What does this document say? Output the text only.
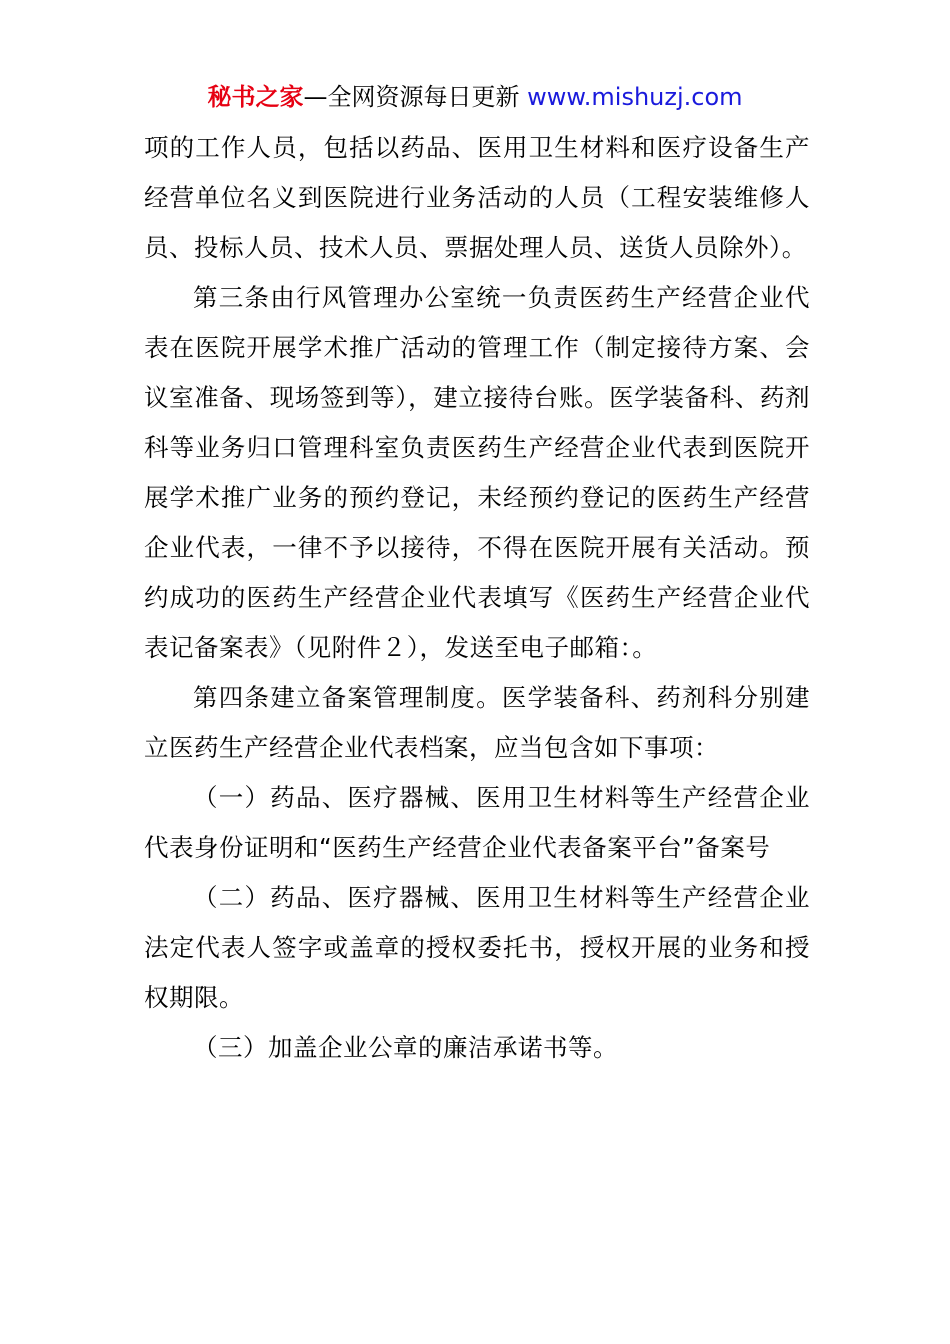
秘书之家—全网资源每日更新 www.mishuzj.com

项的工作人员，包括以药品、医用卫生材料和医疗设备生产经营单位名义到医院进行业务活动的人员（工程安装维修人员、投标人员、技术人员、票据处理人员、送货人员除外）。

第三条由行风管理办公室统一负责医药生产经营企业代表在医院开展学术推广活动的管理工作（制定接待方案、会议室准备、现场签到等），建立接待台账。医学装备科、药剂科等业务归口管理科室负责医药生产经营企业代表到医院开展学术推广业务的预约登记，未经预约登记的医药生产经营企业代表，一律不予以接待，不得在医院开展有关活动。预约成功的医药生产经营企业代表填写《医药生产经营企业代表记备案表》（见附件２），发送至电子邮箱：。

第四条建立备案管理制度。医学装备科、药剂科分别建立医药生产经营企业代表档案，应当包含如下事项：

（一）药品、医疗器械、医用卫生材料等生产经营企业代表身份证明和“医药生产经营企业代表备案平台”备案号

（二）药品、医疗器械、医用卫生材料等生产经营企业法定代表人签字或盖章的授权委托书，授权开展的业务和授权期限。

（三）加盖企业公章的廉洁承诺书等。
